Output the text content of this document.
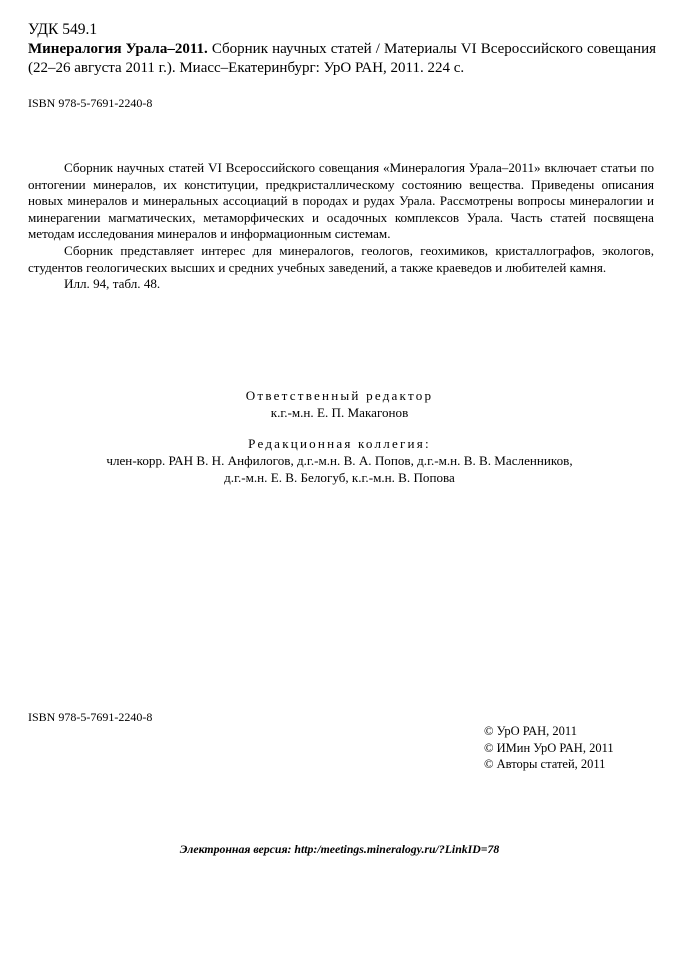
УДК 549.1
Минералогия Урала–2011. Сборник научных статей / Материалы VI Всероссийского совещания (22–26 августа 2011 г.). Миасс–Екатеринбург: УрО РАН, 2011. 224 с.
ISBN 978-5-7691-2240-8

Сборник научных статей VI Всероссийского совещания «Минералогия Урала–2011» включает статьи по онтогении минералов, их конституции, предкристаллическому состоянию вещества. Приведены описания новых минералов и минеральных ассоциаций в породах и рудах Урала. Рассмотрены вопросы минералогии и минерагении магматических, метаморфических и осадочных комплексов Урала. Часть статей посвящена методам исследования минералов и информационным системам.

Сборник представляет интерес для минералогов, геологов, геохимиков, кристаллографов, экологов, студентов геологических высших и средних учебных заведений, а также краеведов и любителей камня.

Илл. 94, табл. 48.

Ответственный редактор
к.г.-м.н. Е. П. Макагонов
Редакционная коллегия:
член-корр. РАН В. Н. Анфилогов, д.г.-м.н. В. А. Попов, д.г.-м.н. В. В. Масленников,
д.г.-м.н. Е. В. Белогуб, к.г.-м.н. В. Попова
ISBN 978-5-7691-2240-8
© УрО РАН, 2011
© ИМин УрО РАН, 2011
© Авторы статей, 2011
Электронная версия: http:/meetings.mineralogy.ru/?LinkID=78
